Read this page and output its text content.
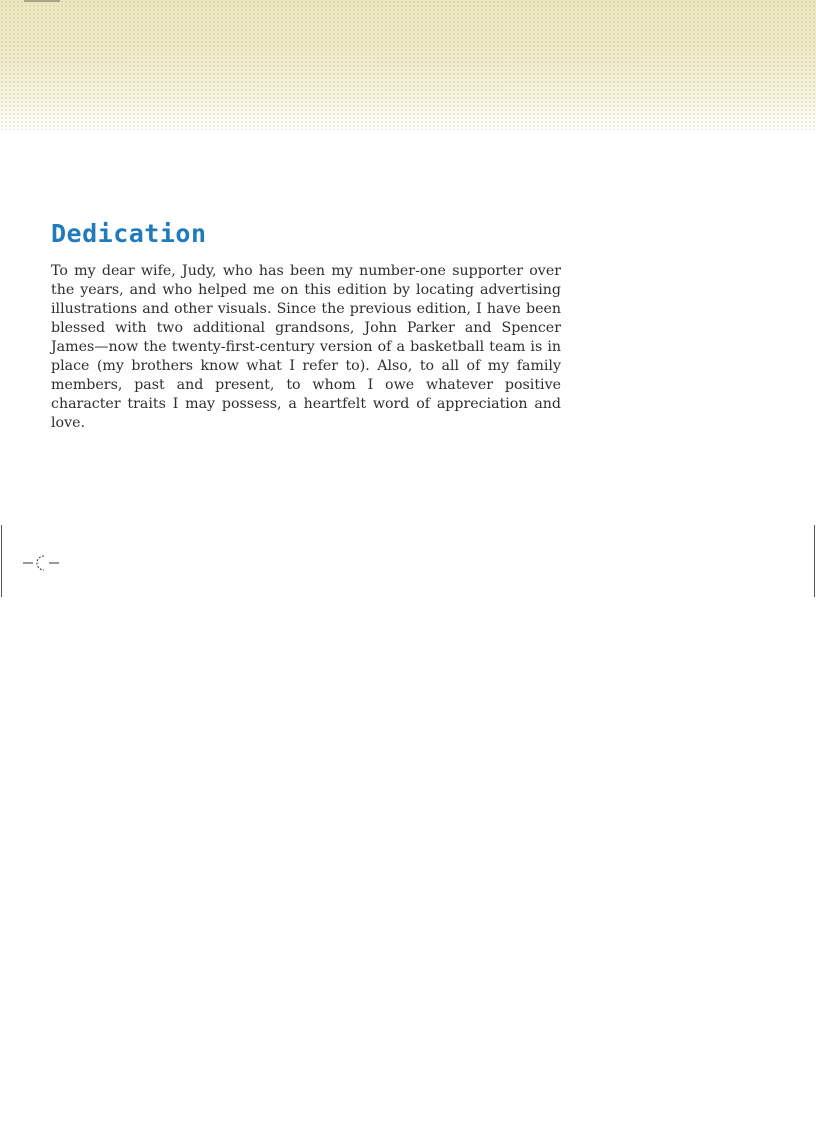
Dedication

To my dear wife, Judy, who has been my number-one supporter over the years, and who helped me on this edition by locating advertising illustrations and other visuals. Since the previous edition, I have been blessed with two additional grandsons, John Parker and Spencer James—now the twenty-first-century version of a basketball team is in place (my brothers know what I refer to). Also, to all of my family members, past and present, to whom I owe whatever positive character traits I may possess, a heartfelt word of appreciation and love.
